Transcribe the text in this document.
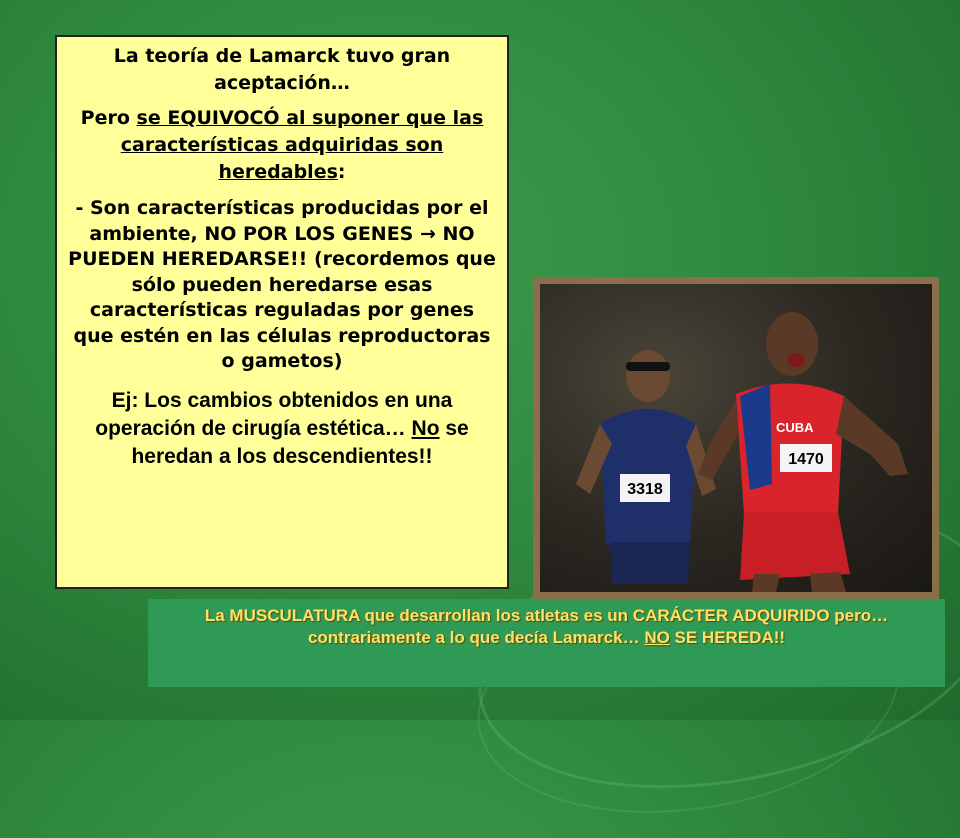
La teoría de Lamarck tuvo gran aceptación…

Pero se EQUIVOCÓ al suponer que las características adquiridas son heredables:

- Son características producidas por el ambiente, NO POR LOS GENES → NO PUEDEN HEREDARSE!! (recordemos que sólo pueden heredarse esas características reguladas por genes que estén en las células reproductoras o gametos)

Ej: Los cambios obtenidos en una operación de cirugía estética… No se heredan a los descendientes!!

3318
CUBA
1470

La MUSCULATURA que desarrollan los atletas es un CARÁCTER ADQUIRIDO pero… contrariamente a lo que decía Lamarck… NO SE HEREDA!!
